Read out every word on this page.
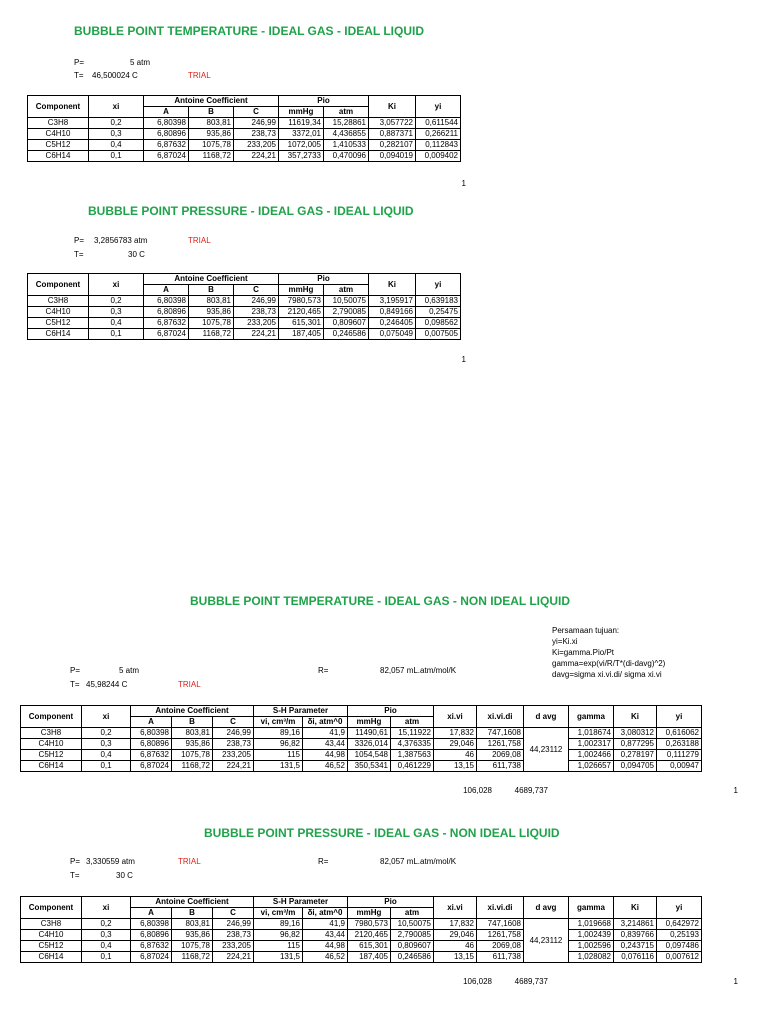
BUBBLE POINT TEMPERATURE - IDEAL GAS - IDEAL LIQUID
P=	5 atm
T= 46,500024 C	TRIAL
Component	xi	Antoine Coefficient			Pio		Ki	yi
		A	B	C	mmHg	atm		
C3H8	0,2	6,80398	803,81	246,99	11619,34	15,28861	3,057722	0,611544
C4H10	0,3	6,80896	935,86	238,73	3372,01	4,436855	0,887371	0,266211
C5H12	0,4	6,87632	1075,78	233,205	1072,005	1,410533	0,282107	0,112843
C6H14	0,1	6,87024	1168,72	224,21	357,2733	0,470096	0,094019	0,009402
1
BUBBLE POINT PRESSURE - IDEAL GAS - IDEAL LIQUID
P= 3,2856783 atm	TRIAL
T=	30 C
Component	xi	Antoine Coefficient			Pio		Ki	yi
		A	B	C	mmHg	atm		
C3H8	0,2	6,80398	803,81	246,99	7980,573	10,50075	3,195917	0,639183
C4H10	0,3	6,80896	935,86	238,73	2120,465	2,790085	0,849166	0,25475
C5H12	0,4	6,87632	1075,78	233,205	615,301	0,809607	0,246405	0,098562
C6H14	0,1	6,87024	1168,72	224,21	187,405	0,246586	0,075049	0,007505
1
BUBBLE POINT TEMPERATURE - IDEAL GAS - NON IDEAL LIQUID
Persamaan tujuan:
yi=Ki.xi
Ki=gamma.Pio/Pt
gamma=exp(vi/R/T*(di-davg)^2)
davg=sigma xi.vi.di/ sigma xi.vi
P=	5 atm	R=	82,057 mL.atm/mol/K
T= 45,98244 C	TRIAL
Component	xi	Antoine Coefficient			S-H Parameter		Pio		xi.vi	xi.vi.di	d avg	gamma	Ki	yi
		A	B	C	vi, cm³/m	δi, atm^0	mmHg	atm						
C3H8	0,2	6,80398	803,81	246,99	89,16	41,9	11490,61	15,11922	17,832	747,1608	44,23112	1,018674	3,080312	0,616062
C4H10	0,3	6,80896	935,86	238,73	96,82	43,44	3326,014	4,376335	29,046	1261,758		1,002317	0,877295	0,263188
C5H12	0,4	6,87632	1075,78	233,205	115	44,98	1054,548	1,387563	46	2069,08		1,002466	0,278197	0,111279
C6H14	0,1	6,87024	1168,72	224,21	131,5	46,52	350,5341	0,461229	13,15	611,738		1,026657	0,094705	0,00947
106,028	4689,737	1
BUBBLE POINT PRESSURE - IDEAL GAS - NON IDEAL LIQUID
P= 3,330559 atm	TRIAL	R=	82,057 mL.atm/mol/K
T=	30 C
Component	xi	Antoine Coefficient			S-H Parameter		Pio		xi.vi	xi.vi.di	d avg	gamma	Ki	yi
		A	B	C	vi, cm³/m	δi, atm^0	mmHg	atm						
C3H8	0,2	6,80398	803,81	246,99	89,16	41,9	7980,573	10,50075	17,832	747,1608	44,23112	1,019668	3,214861	0,642972
C4H10	0,3	6,80896	935,86	238,73	96,82	43,44	2120,465	2,790085	29,046	1261,758		1,002439	0,839766	0,25193
C5H12	0,4	6,87632	1075,78	233,205	115	44,98	615,301	0,809607	46	2069,08		1,002596	0,243715	0,097486
C6H14	0,1	6,87024	1168,72	224,21	131,5	46,52	187,405	0,246586	13,15	611,738		1,028082	0,076116	0,007612
106,028	4689,737	1
